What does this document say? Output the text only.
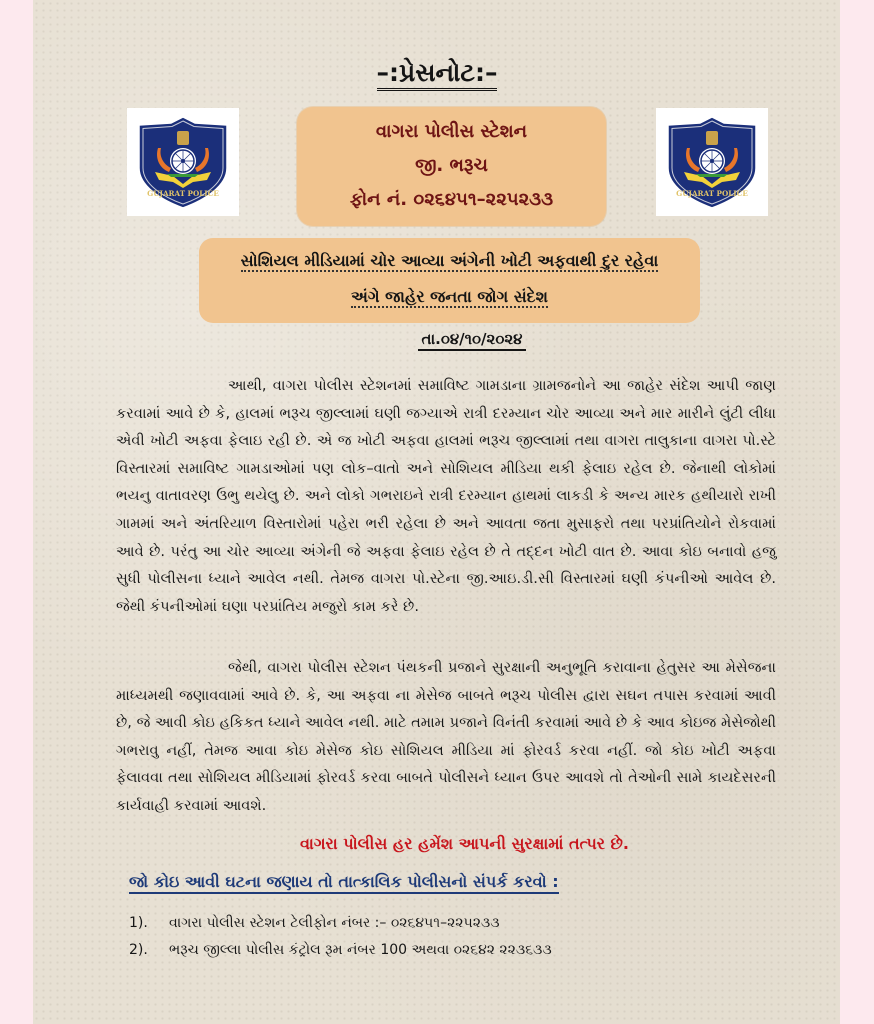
–:પ્રેસનોટ:–
GUJARAT POLICE	GUJARAT POLICE
વાગરા પોલીસ સ્ટેશન
જી. ભરૂચ
ફોન નં. ૦૨૬૪૫૧–૨૨૫૨૩૩
સોશિયલ મીડિયામાં ચોર આવ્યા અંગેની ખોટી અફવાથી દુર રહેવા
અંગે જાહેર જનતા જોગ સંદેશ
તા.૦૪/૧૦/૨૦૨૪
આથી, વાગરા પોલીસ સ્ટેશનમાં સમાવિષ્ટ ગામડાના ગ્રામજનોને આ જાહેર સંદેશ આપી જાણ કરવામાં આવે છે કે, હાલમાં ભરૂચ જીલ્લામાં ઘણી જગ્યાએ રાત્રી દરમ્યાન ચોર આવ્યા અને માર મારીને લુંટી લીધા એવી ખોટી અફવા ફેલાઇ રહી છે. એ જ ખોટી અફવા હાલમાં ભરૂચ જીલ્લામાં તથા વાગરા તાલુકાના વાગરા પો.સ્ટે વિસ્તારમાં સમાવિષ્ટ ગામડાઓમાં પણ લોક–વાતો અને સોશિયલ મીડિયા થકી ફેલાઇ રહેલ છે. જેનાથી લોકોમાં ભયનુ વાતાવરણ ઉભુ થયેલુ છે. અને લોકો ગભરાઇને રાત્રી દરમ્યાન હાથમાં લાકડી કે અન્ય મારક હથીયારો રાખી ગામમાં અને અંતરિયાળ વિસ્તારોમાં પહેરા ભરી રહેલા છે અને આવતા જતા મુસાફરો તથા પરપ્રાંતિયોને રોકવામાં આવે છે. પરંતુ આ ચોર આવ્યા અંગેની જે અફવા ફેલાઇ રહેલ છે તે તદ્દન ખોટી વાત છે. આવા કોઇ બનાવો હજુ સુધી પોલીસના ધ્યાને આવેલ નથી. તેમજ વાગરા પો.સ્ટેના જી.આઇ.ડી.સી વિસ્તારમાં ઘણી કંપનીઓ આવેલ છે. જેથી કંપનીઓમાં ઘણા પરપ્રાંતિય મજુરો કામ કરે છે.
જેથી, વાગરા પોલીસ સ્ટેશન પંથકની પ્રજાને સુરક્ષાની અનુભૂતિ કરાવાના હેતુસર આ મેસેજના માધ્યમથી જણાવવામાં આવે છે. કે, આ અફવા ના મેસેજ બાબતે ભરૂચ પોલીસ દ્વારા સઘન તપાસ કરવામાં આવી છે, જે આવી કોઇ હકિકત ધ્યાને આવેલ નથી. માટે તમામ પ્રજાને વિનંતી કરવામાં આવે છે કે આવ કોઇજ મેસેજોથી ગભરાવુ નહીં, તેમજ આવા કોઇ મેસેજ કોઇ સોશિયલ મીડિયા માં ફોરવર્ડ કરવા નહીં. જો કોઇ ખોટી અફવા ફેલાવવા તથા સોશિયલ મીડિયામાં ફોરવર્ડ કરવા બાબતે પોલીસને ધ્યાન ઉપર આવશે તો તેઓની સામે કાયદેસરની કાર્યવાહી કરવામાં આવશે.
વાગરા પોલીસ હર હમેંશ આપની સુરક્ષામાં તત્પર છે.
જો કોઇ આવી ઘટના જણાય તો તાત્કાલિક પોલીસનો સંપર્ક કરવો :
1). વાગરા પોલીસ સ્ટેશન ટેલીફોન નંબર :– ૦૨૬૪૫૧–૨૨૫૨૩૩
2). ભરૂચ જીલ્લા પોલીસ કંટ્રોલ રૂમ નંબર 100 અથવા ૦૨૬૪૨ ૨૨૩૬૩૩
